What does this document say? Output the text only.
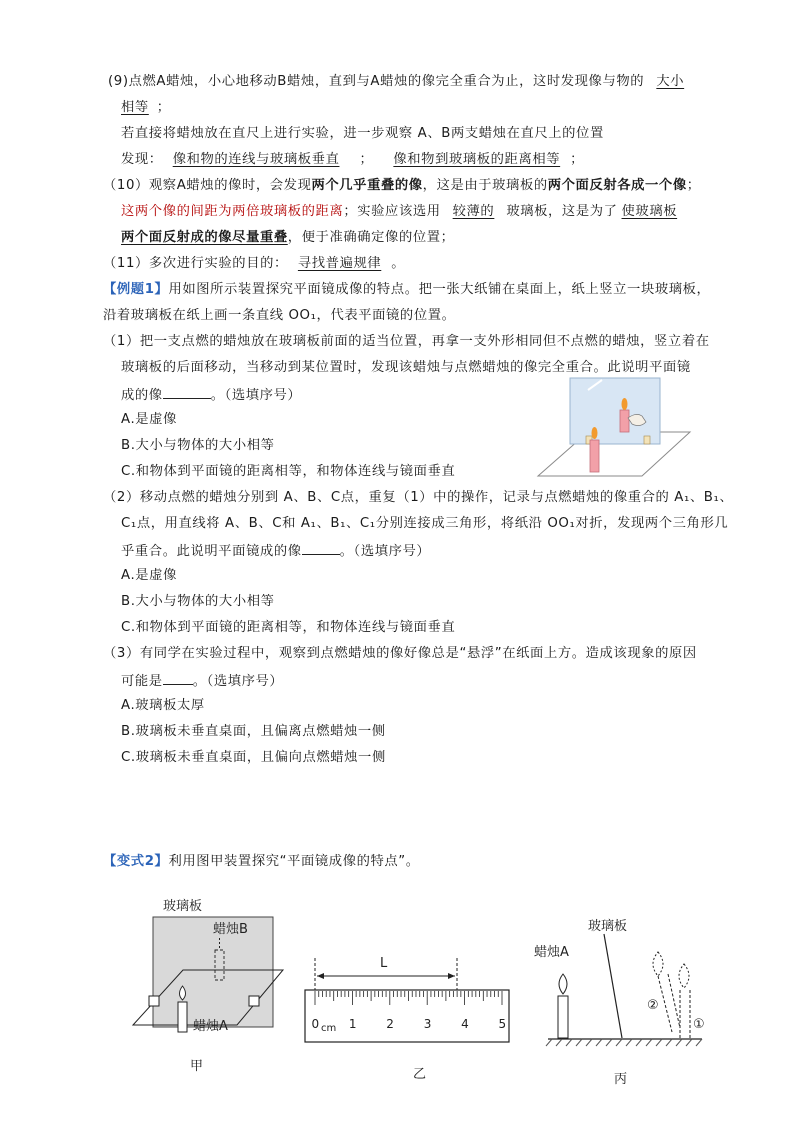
(9)点燃A蜡烛，小心地移动B蜡烛，直到与A蜡烛的像完全重合为止，这时发现像与物的 大小
相等 ；
若直接将蜡烛放在直尺上进行实验，进一步观察 A、B两支蜡烛在直尺上的位置
发现： 像和物的连线与玻璃板垂直 ； 像和物到玻璃板的距离相等 ；
（10）观察A蜡烛的像时，会发现两个几乎重叠的像，这是由于玻璃板的两个面反射各成一个像；
这两个像的间距为两倍玻璃板的距离；实验应该选用 较薄的 玻璃板，这是为了 使玻璃板
两个面反射成的像尽量重叠，便于准确确定像的位置；
（11）多次进行实验的目的： 寻找普遍规律 。
【例题1】用如图所示装置探究平面镜成像的特点。把一张大纸铺在桌面上，纸上竖立一块玻璃板，
沿着玻璃板在纸上画一条直线 OO₁，代表平面镜的位置。
（1）把一支点燃的蜡烛放在玻璃板前面的适当位置，再拿一支外形相同但不点燃的蜡烛，竖立着在
玻璃板的后面移动，当移动到某位置时，发现该蜡烛与点燃蜡烛的像完全重合。此说明平面镜
成的像	。（选填序号）
A.是虚像
B.大小与物体的大小相等
C.和物体到平面镜的距离相等，和物体连线与镜面垂直
（2）移动点燃的蜡烛分别到 A、B、C点，重复（1）中的操作，记录与点燃蜡烛的像重合的 A₁、B₁、
C₁点，用直线将 A、B、C和 A₁、B₁、C₁分别连接成三角形，将纸沿 OO₁对折，发现两个三角形几
乎重合。此说明平面镜成的像	。（选填序号）
A.是虚像
B.大小与物体的大小相等
C.和物体到平面镜的距离相等，和物体连线与镜面垂直
（3）有同学在实验过程中，观察到点燃蜡烛的像好像总是“悬浮”在纸面上方。造成该现象的原因
可能是 。（选填序号）
A.玻璃板太厚
B.玻璃板未垂直桌面，且偏离点燃蜡烛一侧
C.玻璃板未垂直桌面，且偏向点燃蜡烛一侧
【变式2】利用图甲装置探究“平面镜成像的特点”。
玻璃板
蜡烛B
蜡烛A
甲
L
0 1 2 3 4 5
cm
乙
玻璃板
蜡烛A
②
①
丙
